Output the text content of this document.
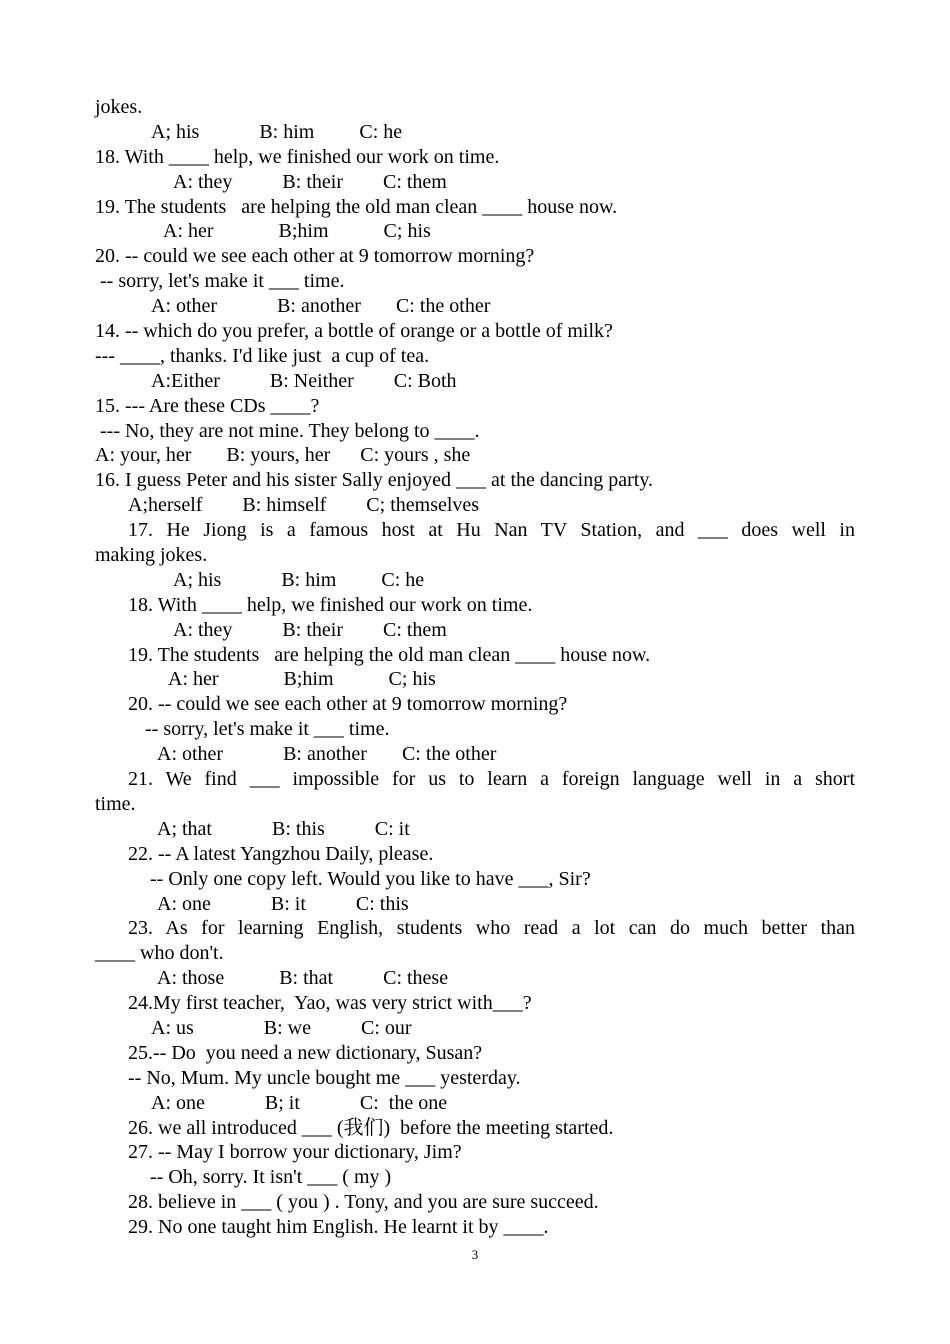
jokes.
A; his            B: him         C: he
18. With ____ help, we finished our work on time.
A: they          B: their        C: them
19. The students   are helping the old man clean ____ house now.
A: her             B;him           C; his
20. -- could we see each other at 9 tomorrow morning?
-- sorry, let's make it ___ time.
A: other            B: another       C: the other
14. -- which do you prefer, a bottle of orange or a bottle of milk?
--- ____, thanks. I'd like just  a cup of tea.
A:Either          B: Neither        C: Both
15. --- Are these CDs ____?
--- No, they are not mine. They belong to ____.
A: your, her       B: yours, her      C: yours , she
16. I guess Peter and his sister Sally enjoyed ___ at the dancing party.
A;herself        B: himself        C; themselves
17. He Jiong is a famous host at Hu Nan TV Station, and ___ does well in
making jokes.
A; his            B: him         C: he
18. With ____ help, we finished our work on time.
A: they          B: their        C: them
19. The students   are helping the old man clean ____ house now.
A: her             B;him           C; his
20. -- could we see each other at 9 tomorrow morning?
-- sorry, let's make it ___ time.
A: other            B: another       C: the other
21. We find ___ impossible for us to learn a foreign language well in a short
time.
A; that            B: this          C: it
22. -- A latest Yangzhou Daily, please.
-- Only one copy left. Would you like to have ___, Sir?
A: one            B: it          C: this
23. As for learning English, students who read a lot can do much better than
____ who don't.
A: those           B: that          C: these
24.My first teacher,  Yao, was very strict with___?
A: us              B: we          C: our
25.-- Do  you need a new dictionary, Susan?
-- No, Mum. My uncle bought me ___ yesterday.
A: one            B; it            C:  the one
26. we all introduced ___ (我们)  before the meeting started.
27. -- May I borrow your dictionary, Jim?
-- Oh, sorry. It isn't ___ ( my )
28. believe in ___ ( you ) . Tony, and you are sure succeed.
29. No one taught him English. He learnt it by ____.
3
